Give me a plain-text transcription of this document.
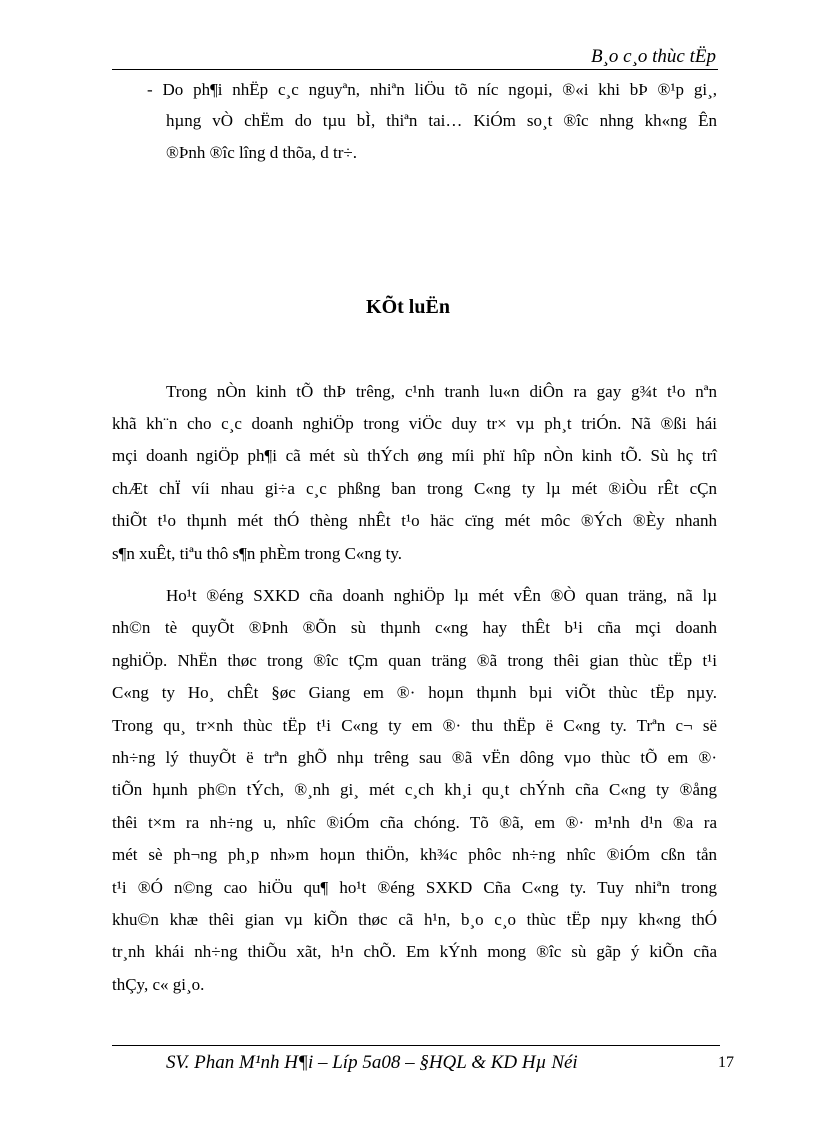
B¸o c¸o thùc tËp
- Do ph¶i nhËp c¸c nguyªn, nhiªn liÖu tõ níc ngoµi, ®«i khi bÞ ®¹p gi¸,
hµng vÒ chËm do tµu bÌ, thiªn tai… KiÓm so¸t ®îc nhng kh«ng Ên
®Þnh ®îc lîng d thõa, d tr÷.
KÕt luËn
Trong nÒn kinh tÕ thÞ trêng, c¹nh tranh lu«n diÔn ra gay g¾t t¹o nªn
khã kh¨n cho c¸c doanh nghiÖp trong viÖc duy tr× vµ ph¸t triÓn. Nã ®ßi hái
mçi doanh ngiÖp ph¶i cã mét sù thÝch øng míi phï hîp nÒn kinh tÕ. Sù hç trî
chÆt chÏ víi nhau gi÷a c¸c phßng ban trong C«ng ty lµ mét ®iÒu rÊt cÇn
thiÕt t¹o thµnh mét thÓ thèng nhÊt t¹o häc cïng mét môc ®Ých ®Èy nhanh
s¶n xuÊt, tiªu thô s¶n phÈm trong C«ng ty.
Ho¹t ®éng SXKD cña doanh nghiÖp lµ mét vÊn ®Ò quan träng, nã lµ
nh©n tè quyÕt ®Þnh ®Õn sù thµnh c«ng hay thÊt b¹i cña mçi doanh
nghiÖp. NhËn thøc trong ®îc tÇm quan träng ®ã trong thêi gian thùc tËp t¹i
C«ng ty Ho¸ chÊt §øc Giang em ®· hoµn thµnh bµi viÕt thùc tËp nµy.
Trong qu¸ tr×nh thùc tËp t¹i C«ng ty em ®· thu thËp ë C«ng ty. Trªn c¬ së
nh÷ng lý thuyÕt ë trªn ghÕ nhµ trêng sau ®ã vËn dông vµo thùc tÕ em ®·
tiÕn hµnh ph©n tÝch, ®¸nh gi¸ mét c¸ch kh¸i qu¸t chÝnh cña C«ng ty ®ång
thêi t×m ra nh÷ng u, nhîc ®iÓm cña chóng. Tõ ®ã, em ®· m¹nh d¹n ®a ra
mét sè ph¬ng ph¸p nh»m hoµn thiÖn, kh¾c phôc nh÷ng nhîc ®iÓm cßn tån
t¹i ®Ó n©ng cao hiÖu qu¶ ho¹t ®éng SXKD Cña C«ng ty. Tuy nhiªn trong
khu©n khæ thêi gian vµ kiÕn thøc cã h¹n, b¸o c¸o thùc tËp nµy kh«ng thÓ
tr¸nh khái nh÷ng thiÕu xãt, h¹n chÕ. Em kÝnh mong ®îc sù gãp ý kiÕn cña
thÇy, c« gi¸o.
SV. Phan M¹nh H¶i – Líp 5a08 – §HQL & KD Hµ Néi	17
